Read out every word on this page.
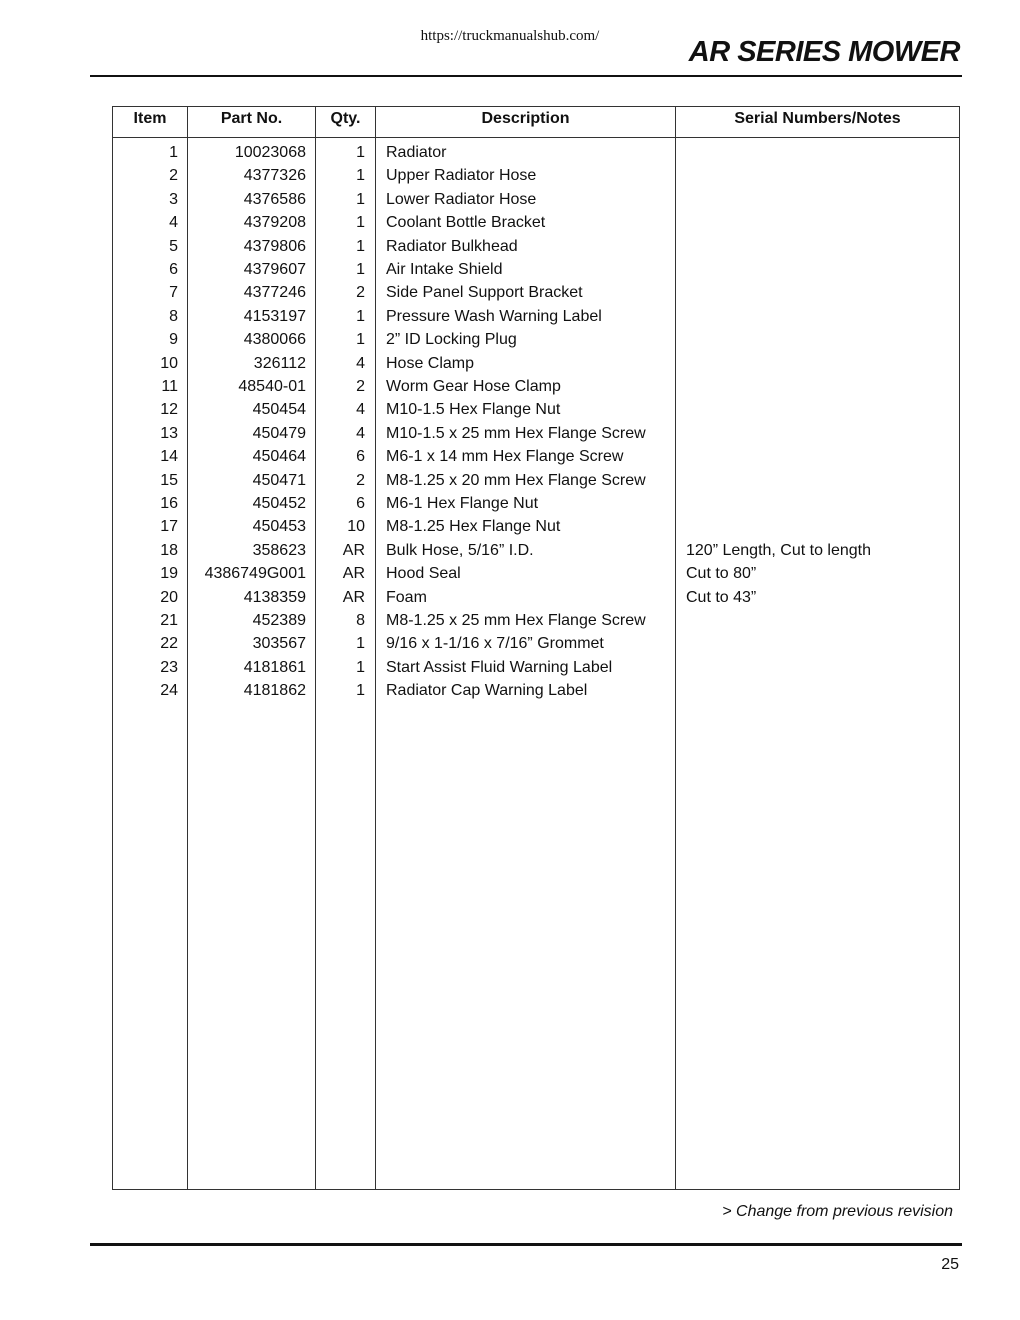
https://truckmanualshub.com/	AR SERIES MOWER
Item	Part No.	Qty.	Description	Serial Numbers/Notes
1	10023068	1 Radiator
2	4377326	1 Upper Radiator Hose
3	4376586	1 Lower Radiator Hose
4	4379208	1 Coolant Bottle Bracket
5	4379806	1 Radiator Bulkhead
6	4379607	1 Air Intake Shield
7	4377246	2 Side Panel Support Bracket
8	4153197	1 Pressure Wash Warning Label
9	4380066	1 2” ID Locking Plug
10	326112	4 Hose Clamp
11	48540-01	2 Worm Gear Hose Clamp
12	450454	4 M10-1.5 Hex Flange Nut
13	450479	4 M10-1.5 x 25 mm Hex Flange Screw
14	450464	6 M6-1 x 14 mm Hex Flange Screw
15	450471	2 M8-1.25 x 20 mm Hex Flange Screw
16	450452	6 M6-1 Hex Flange Nut
17	450453	10 M8-1.25 Hex Flange Nut
18	358623	AR Bulk Hose, 5/16” I.D.	120” Length, Cut to length
19	4386749G001	AR Hood Seal	Cut to 80”
20	4138359	AR Foam	Cut to 43”
21	452389	8 M8-1.25 x 25 mm Hex Flange Screw
22	303567	1 9/16 x 1-1/16 x 7/16” Grommet
23	4181861	1 Start Assist Fluid Warning Label
24	4181862	1 Radiator Cap Warning Label
> Change from previous revision
25
